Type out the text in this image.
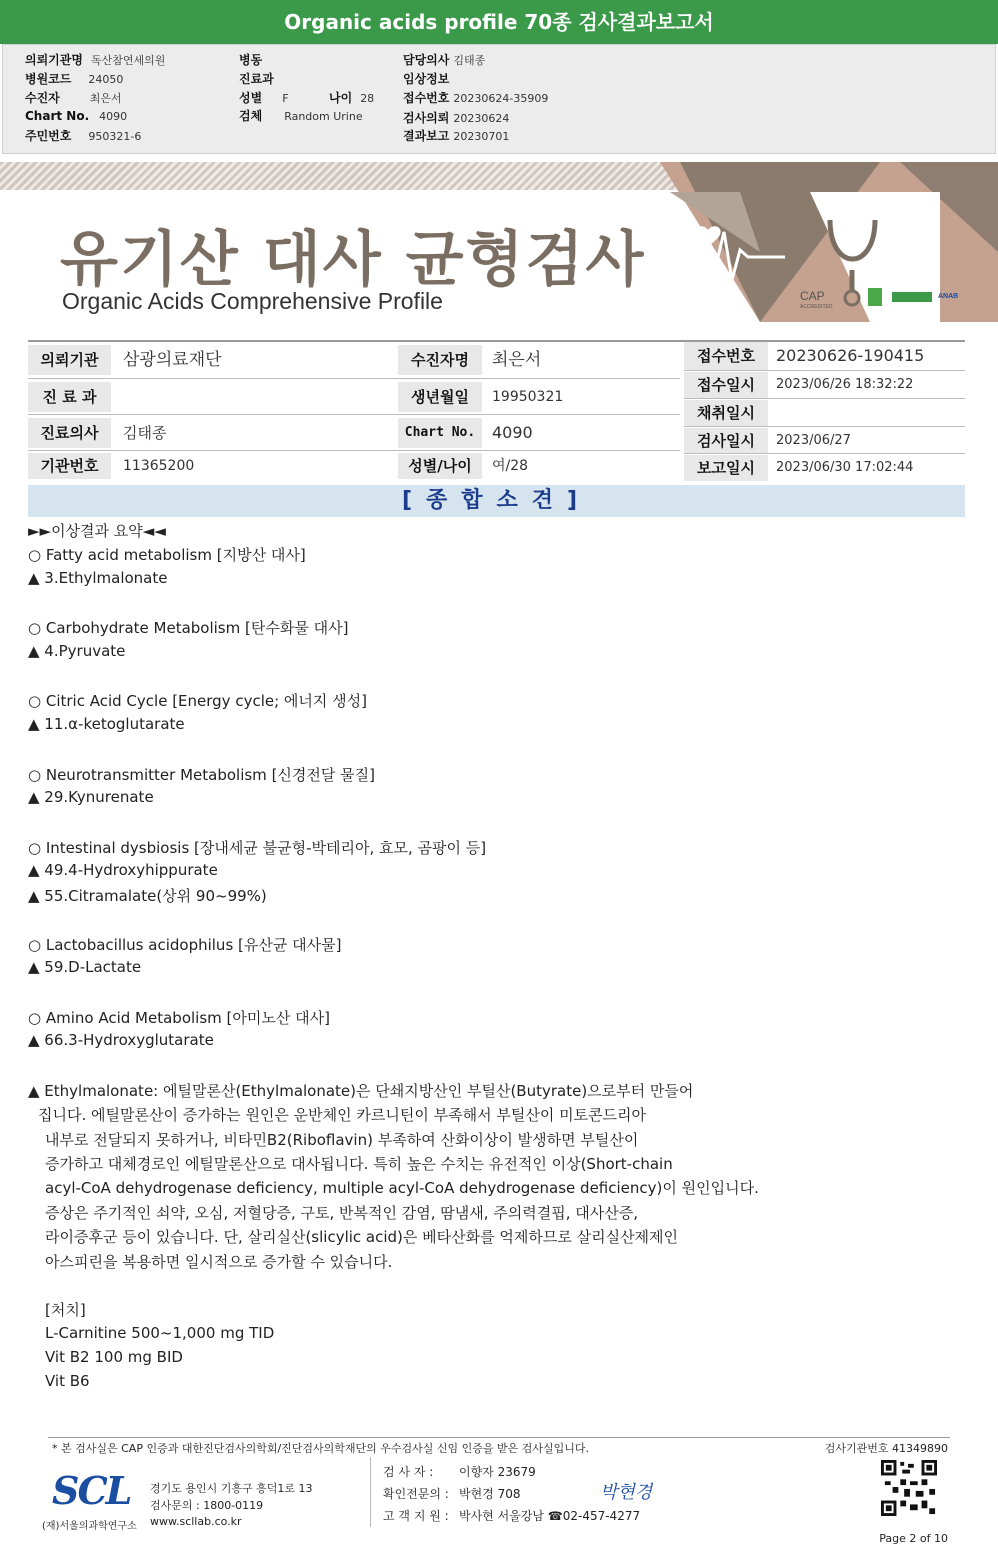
Organic acids profile 70종 검사결과보고서
의뢰기관명 독산참연세의원
병원코드 24050
수진자	최은서
Chart No. 4090
주민번호 950321-6
병동
진료과
성별 F	나이 28
검체 Random Urine
담당의사 김태종
임상정보
접수번호 20230624-35909
검사의뢰 20230624
결과보고 20230701
유기산 대사 균형검사
Organic Acids Comprehensive Profile	CAP
ACCREDITED
ANAB
의뢰기관	삼광의료재단
진 료 과
진료의사	김태종
기관번호	11365200
수진자명	최은서
생년월일	19950321
Chart No.	4090
성별/나이	여/28
접수번호	20230626-190415
접수일시	2023/06/26 18:32:22
채취일시
검사일시	2023/06/27
보고일시	2023/06/30 17:02:44
[종합소견]
►►이상결과 요약◄◄
○ Fatty acid metabolism [지방산 대사]
▲ 3.Ethylmalonate
○ Carbohydrate Metabolism [탄수화물 대사]
▲ 4.Pyruvate
○ Citric Acid Cycle [Energy cycle; 에너지 생성]
▲ 11.α-ketoglutarate
○ Neurotransmitter Metabolism [신경전달 물질]
▲ 29.Kynurenate
○ Intestinal dysbiosis [장내세균 불균형-박테리아, 효모, 곰팡이 등]
▲ 49.4-Hydroxyhippurate
▲ 55.Citramalate(상위 90~99%)
○ Lactobacillus acidophilus [유산균 대사물]
▲ 59.D-Lactate
○ Amino Acid Metabolism [아미노산 대사]
▲ 66.3-Hydroxyglutarate
▲ Ethylmalonate: 에틸말론산(Ethylmalonate)은 단쇄지방산인 부틸산(Butyrate)으로부터 만들어
집니다. 에틸말론산이 증가하는 원인은 운반체인 카르니틴이 부족해서 부틸산이 미토콘드리아
내부로 전달되지 못하거나, 비타민B2(Riboflavin) 부족하여 산화이상이 발생하면 부틸산이
증가하고 대체경로인 에틸말론산으로 대사됩니다. 특히 높은 수치는 유전적인 이상(Short-chain
acyl-CoA dehydrogenase deficiency, multiple acyl-CoA dehydrogenase deficiency)이 원인입니다.
증상은 주기적인 쇠약, 오심, 저혈당증, 구토, 반복적인 감염, 땀냄새, 주의력결핍, 대사산증,
라이증후군 등이 있습니다. 단, 살리실산(slicylic acid)은 베타산화를 억제하므로 살리실산제제인
아스피린을 복용하면 일시적으로 증가할 수 있습니다.
[처치]
L-Carnitine 500~1,000 mg TID
Vit B2 100 mg BID
Vit B6
* 본 검사실은 CAP 인증과 대한진단검사의학회/진단검사의학재단의 우수검사실 신임 인증을 받은 검사실입니다.	검사기관번호 41349890
SCL
(재)서울의과학연구소
경기도 용인시 기흥구 흥덕1로 13
검사문의 : 1800-0119
www.scllab.co.kr
검 사 자 : 이향자 23679
확인전문의 : 박현경 708
고 객 지 원 : 박사현 서울강남 ☎02-457-4277
박현경
Page 2 of 10
